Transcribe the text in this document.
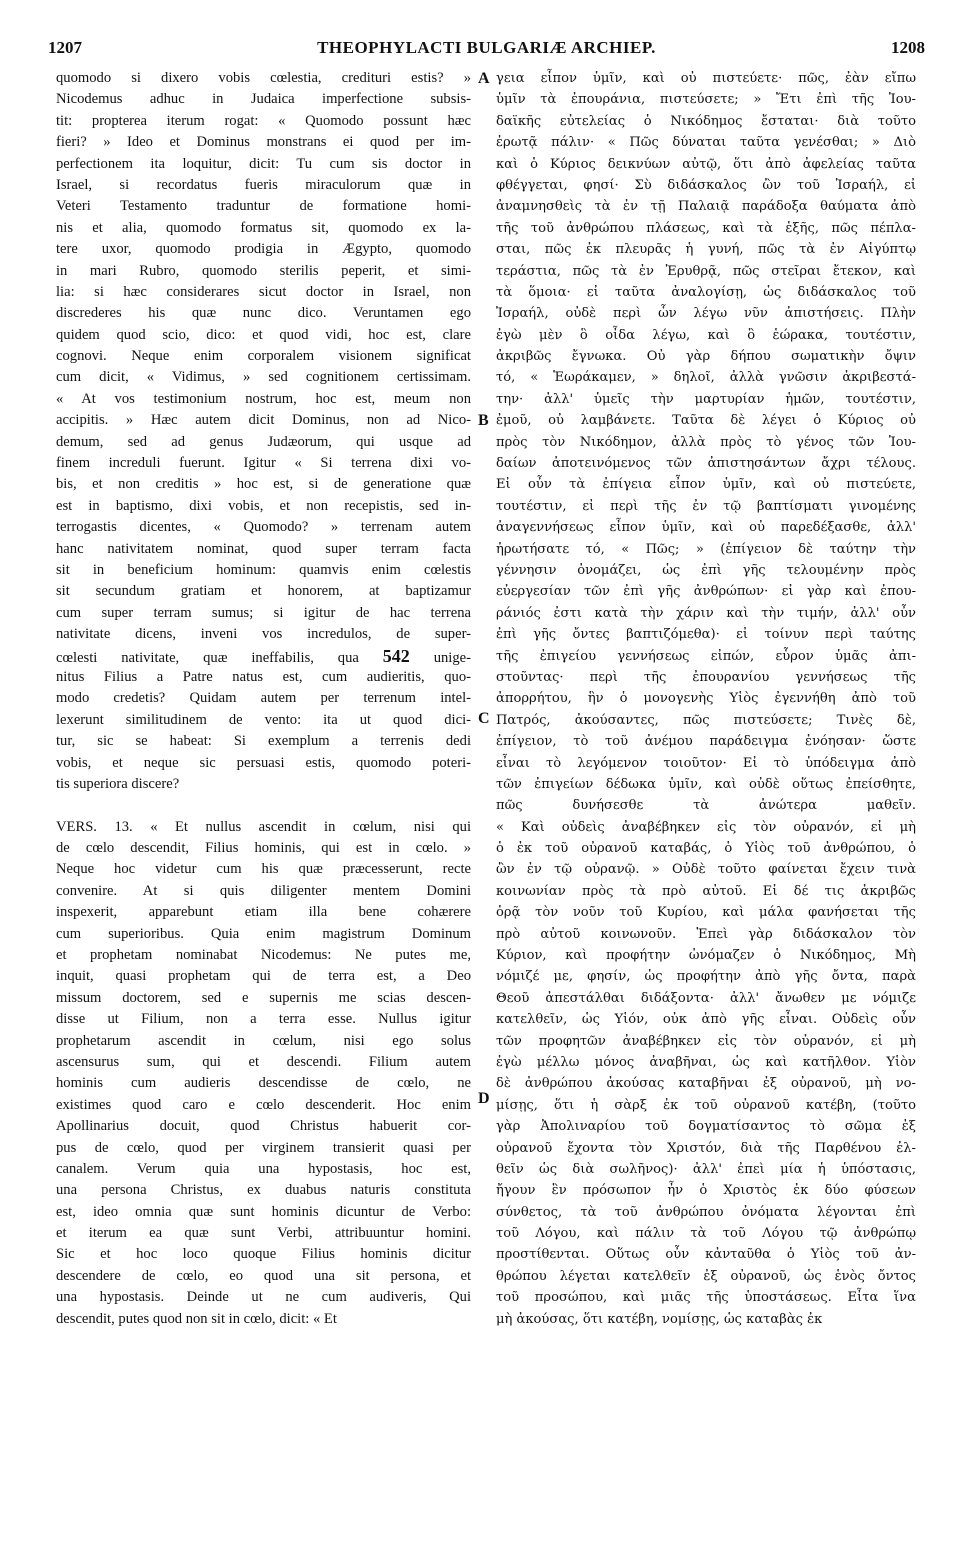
1207	THEOPHYLACTI BULGARIÆ ARCHIEP.	1208
quomodo si dixero vobis cœlestia, credituri estis? »
Nicodemus adhuc in Judaica imperfectione subsis-
tit: propterea iterum rogat: « Quomodo possunt hæc
fieri? » Ideo et Dominus monstrans ei quod per im-
perfectionem ita loquitur, dicit: Tu cum sis doctor in
Israel, si recordatus fueris miraculorum quæ in
Veteri Testamento traduntur de formatione homi-
nis et alia, quomodo formatus sit, quomodo ex la-
tere uxor, quomodo prodigia in Ægypto, quomodo
in mari Rubro, quomodo sterilis peperit, et simi-
lia: si hæc considerares sicut doctor in Israel, non
discrederes his quæ nunc dico. Veruntamen ego
quidem quod scio, dico: et quod vidi, hoc est, clare
cognovi. Neque enim corporalem visionem significat
cum dicit, « Vidimus, » sed cognitionem certissimam.
« At vos testimonium nostrum, hoc est, meum non
accipitis. » Hæc autem dicit Dominus, non ad Nico-
demum, sed ad genus Judæorum, qui usque ad
finem increduli fuerunt. Igitur « Si terrena dixi vo-
bis, et non creditis » hoc est, si de generatione quæ
est in baptismo, dixi vobis, et non recepistis, sed in-
terrogastis dicentes, « Quomodo? » terrenam autem
hanc nativitatem nominat, quod super terram facta
sit in beneficium hominum: quamvis enim cœlestis
sit secundum gratiam et honorem, at baptizamur
cum super terram sumus; si igitur de hac terrena
nativitate dicens, inveni vos incredulos, de super-
cœlesti nativitate, quæ ineffabilis, qua 542 unige-
nitus Filius a Patre natus est, cum audieritis, quo-
modo credetis? Quidam autem per terrenum intel-
lexerunt similitudinem de vento: ita ut quod dici-
tur, sic se habeat: Si exemplum a terrenis dedi
vobis, et neque sic persuasi estis, quomodo poteri-
tis superiora discere?
VERS. 13. « Et nullus ascendit in cœlum, nisi qui
de cœlo descendit, Filius hominis, qui est in cœlo. »
Neque hoc videtur cum his quæ præcesserunt, recte
convenire. At si quis diligenter mentem Domini
inspexerit, apparebunt etiam illa bene cohærere
cum superioribus. Quia enim magistrum Dominum
et prophetam nominabat Nicodemus: Ne putes me,
inquit, quasi prophetam qui de terra est, a Deo
missum doctorem, sed e supernis me scias descen-
disse ut Filium, non a terra esse. Nullus igitur
prophetarum ascendit in cœlum, nisi ego solus
ascensurus sum, qui et descendi. Filium autem
hominis cum audieris descendisse de cœlo, ne
existimes quod caro e cœlo descenderit. Hoc enim
Apollinarius docuit, quod Christus habuerit cor-
pus de cœlo, quod per virginem transierit quasi per
canalem. Verum quia una hypostasis, hoc est,
una persona Christus, ex duabus naturis constituta
est, ideo omnia quæ sunt hominis dicuntur de Verbo:
et iterum ea quæ sunt Verbi, attribuuntur homini.
Sic et hoc loco quoque Filius hominis dicitur
descendere de cœlo, eo quod una sit persona, et
una hypostasis. Deinde ut ne cum audiveris, Qui
descendit, putes quod non sit in cœlo, dicit: « Et
γεια εἶπον ὑμῖν, καὶ οὐ πιστεύετε· πῶς, ἐὰν εἴπω
ὑμῖν τὰ ἐπουράνια, πιστεύσετε; » Ἔτι ἐπὶ τῆς Ἰου-
δαϊκῆς εὐτελείας ὁ Νικόδημος ἔσταται· διὰ τοῦτο
ἐρωτᾷ πάλιν· « Πῶς δύναται ταῦτα γενέσθαι; » Διὸ
καὶ ὁ Κύριος δεικνύων αὐτῷ, ὅτι ἀπὸ ἀφελείας ταῦτα
φθέγγεται, φησί· Σὺ διδάσκαλος ὢν τοῦ Ἰσραήλ, εἰ
ἀναμνησθεὶς τὰ ἐν τῇ Παλαιᾷ παράδοξα θαύματα ἀπὸ
τῆς τοῦ ἀνθρώπου πλάσεως, καὶ τὰ ἑξῆς, πῶς πέπλα-
σται, πῶς ἐκ πλευρᾶς ἡ γυνή, πῶς τὰ ἐν Αἰγύπτῳ
τεράστια, πῶς τὰ ἐν Ἐρυθρᾷ, πῶς στεῖραι ἔτεκον, καὶ
τὰ ὅμοια· εἰ ταῦτα ἀναλογίσῃ, ὡς διδάσκαλος τοῦ
Ἰσραήλ, οὐδὲ περὶ ὧν λέγω νῦν ἀπιστήσεις. Πλὴν
ἐγὼ μὲν ὃ οἶδα λέγω, καὶ ὃ ἑώρακα, τουτέστιν,
ἀκριβῶς ἔγνωκα. Οὐ γὰρ δήπου σωματικὴν ὄψιν
τό, « Ἑωράκαμεν, » δηλοῖ, ἀλλὰ γνῶσιν ἀκριβεστά-
την· ἀλλ' ὑμεῖς τὴν μαρτυρίαν ἡμῶν, τουτέστιν,
ἐμοῦ, οὐ λαμβάνετε. Ταῦτα δὲ λέγει ὁ Κύριος οὐ
πρὸς τὸν Νικόδημον, ἀλλὰ πρὸς τὸ γένος τῶν Ἰου-
δαίων ἀποτεινόμενος τῶν ἀπιστησάντων ἄχρι τέλους.
Εἰ οὖν τὰ ἐπίγεια εἶπον ὑμῖν, καὶ οὐ πιστεύετε,
τουτέστιν, εἰ περὶ τῆς ἐν τῷ βαπτίσματι γινομένης
ἀναγεννήσεως εἶπον ὑμῖν, καὶ οὐ παρεδέξασθε, ἀλλ'
ἠρωτήσατε τό, « Πῶς; » (ἐπίγειον δὲ ταύτην τὴν
γέννησιν ὀνομάζει, ὡς ἐπὶ γῆς τελουμένην πρὸς
εὐεργεσίαν τῶν ἐπὶ γῆς ἀνθρώπων· εἰ γὰρ καὶ ἐπου-
ράνιός ἐστι κατὰ τὴν χάριν καὶ τὴν τιμήν, ἀλλ' οὖν
ἐπὶ γῆς ὄντες βαπτιζόμεθα)· εἰ τοίνυν περὶ ταύτης
τῆς ἐπιγείου γεννήσεως εἰπών, εὗρον ὑμᾶς ἀπι-
στοῦντας· περὶ τῆς ἐπουρανίου γεννήσεως τῆς
ἀπορρήτου, ἣν ὁ μονογενὴς Υἱὸς ἐγεννήθη ἀπὸ τοῦ
Πατρός, ἀκούσαντες, πῶς πιστεύσετε; Τινὲς δὲ,
ἐπίγειον, τὸ τοῦ ἀνέμου παράδειγμα ἐνόησαν· ὥστε
εἶναι τὸ λεγόμενον τοιοῦτον· Εἰ τὸ ὑπόδειγμα ἀπὸ
τῶν ἐπιγείων δέδωκα ὑμῖν, καὶ οὐδὲ οὕτως ἐπείσθητε,
πῶς δυνήσεσθε τὰ ἀνώτερα μαθεῖν.
« Καὶ οὐδεὶς ἀναβέβηκεν εἰς τὸν οὐρανόν, εἰ μὴ
ὁ ἐκ τοῦ οὐρανοῦ καταβάς, ὁ Υἱὸς τοῦ ἀνθρώπου, ὁ
ὢν ἐν τῷ οὐρανῷ. » Οὐδὲ τοῦτο φαίνεται ἔχειν τινὰ
κοινωνίαν πρὸς τὰ πρὸ αὐτοῦ. Εἰ δέ τις ἀκριβῶς
ὁρᾷ τὸν νοῦν τοῦ Κυρίου, καὶ μάλα φανήσεται τῆς
πρὸ αὐτοῦ κοινωνοῦν. Ἐπεὶ γὰρ διδάσκαλον τὸν
Κύριον, καὶ προφήτην ὠνόμαζεν ὁ Νικόδημος, Μὴ
νόμιζέ με, φησίν, ὡς προφήτην ἀπὸ γῆς ὄντα, παρὰ
Θεοῦ ἀπεστάλθαι διδάξοντα· ἀλλ' ἄνωθεν με νόμιζε
κατελθεῖν, ὡς Υἱόν, οὐκ ἀπὸ γῆς εἶναι. Οὐδεὶς οὖν
τῶν προφητῶν ἀναβέβηκεν εἰς τὸν οὐρανόν, εἰ μὴ
ἐγὼ μέλλω μόνος ἀναβῆναι, ὡς καὶ κατῆλθον. Υἱὸν
δὲ ἀνθρώπου ἀκούσας καταβῆναι ἐξ οὐρανοῦ, μὴ νο-
μίσῃς, ὅτι ἡ σὰρξ ἐκ τοῦ οὐρανοῦ κατέβη, (τοῦτο
γὰρ Ἀπολιναρίου τοῦ δογματίσαντος τὸ σῶμα ἐξ
οὐρανοῦ ἔχοντα τὸν Χριστόν, διὰ τῆς Παρθένου ἐλ-
θεῖν ὡς διὰ σωλῆνος)· ἀλλ' ἐπεὶ μία ἡ ὑπόστασις,
ἤγουν ἓν πρόσωπον ἦν ὁ Χριστὸς ἐκ δύο φύσεων
σύνθετος, τὰ τοῦ ἀνθρώπου ὀνόματα λέγονται ἐπὶ
τοῦ Λόγου, καὶ πάλιν τὰ τοῦ Λόγου τῷ ἀνθρώπῳ
προστίθενται. Οὕτως οὖν κἀνταῦθα ὁ Υἱὸς τοῦ ἀν-
θρώπου λέγεται κατελθεῖν ἐξ οὐρανοῦ, ὡς ἑνὸς ὄντος
τοῦ προσώπου, καὶ μιᾶς τῆς ὑποστάσεως. Εἶτα ἵνα
μὴ ἀκούσας, ὅτι κατέβη, νομίσῃς, ὡς καταβὰς ἐκ
A
B
C
D
